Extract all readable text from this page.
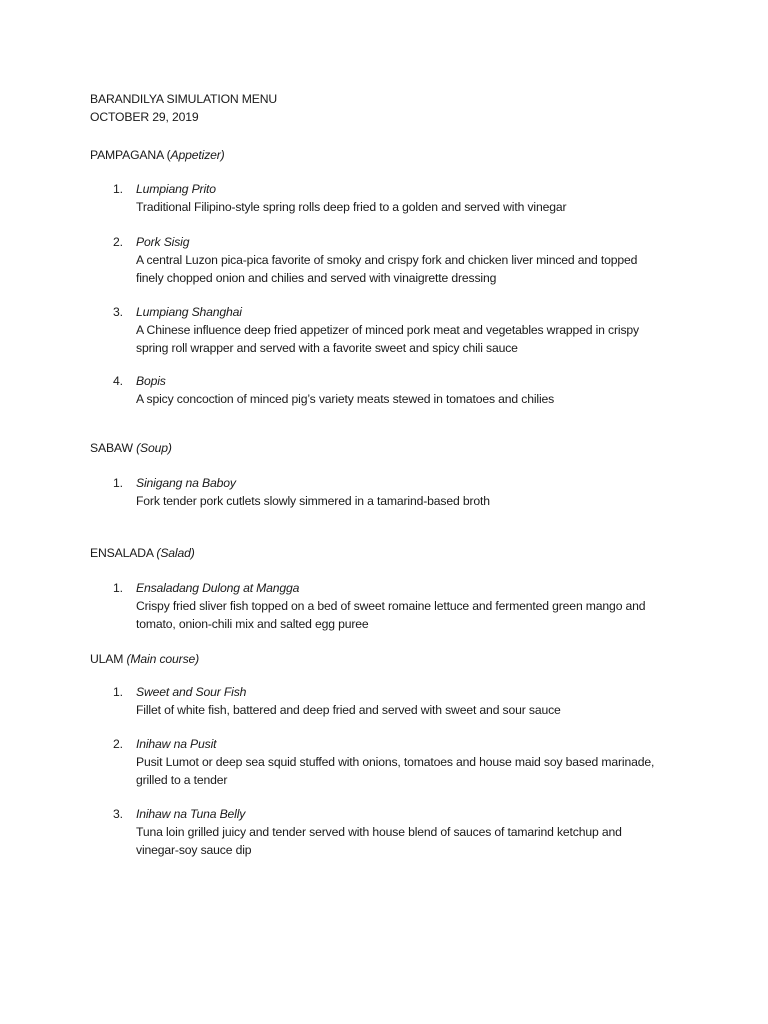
BARANDILYA SIMULATION MENU
OCTOBER 29, 2019
PAMPAGANA (Appetizer)
1. Lumpiang Prito
Traditional Filipino-style spring rolls deep fried to a golden and served with vinegar
2. Pork Sisig
A central Luzon pica-pica favorite of smoky and crispy fork and chicken liver minced and topped finely chopped onion and chilies and served with vinaigrette dressing
3. Lumpiang Shanghai
A Chinese influence deep fried appetizer of minced pork meat and vegetables wrapped in crispy spring roll wrapper and served with a favorite sweet and spicy chili sauce
4. Bopis
A spicy concoction of minced pig’s variety meats stewed in tomatoes and chilies
SABAW (Soup)
1. Sinigang na Baboy
Fork tender pork cutlets slowly simmered in a tamarind-based broth
ENSALADA (Salad)
1. Ensaladang Dulong at Mangga
Crispy fried sliver fish topped on a bed of sweet romaine lettuce and fermented green mango and tomato, onion-chili mix and salted egg puree
ULAM (Main course)
1. Sweet and Sour Fish
Fillet of white fish, battered and deep fried and served with sweet and sour sauce
2. Inihaw na Pusit
Pusit Lumot or deep sea squid stuffed with onions, tomatoes and house maid soy based marinade, grilled to a tender
3. Inihaw na Tuna Belly
Tuna loin grilled juicy and tender served with house blend of sauces of tamarind ketchup and vinegar-soy sauce dip
